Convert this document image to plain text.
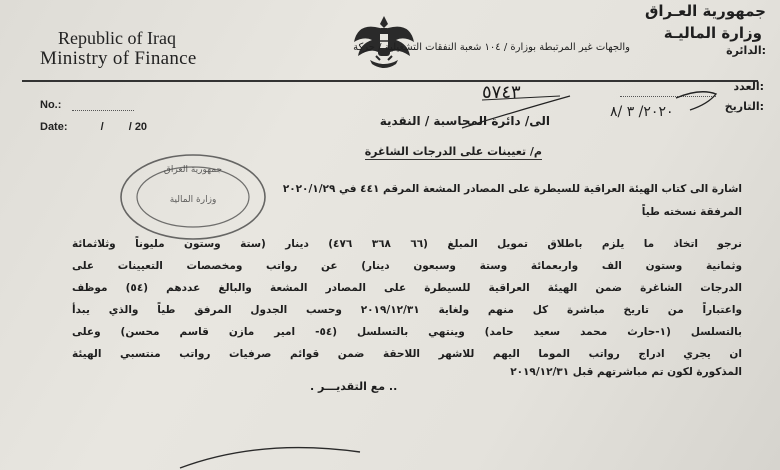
Republic of Iraq
Ministry of Finance
No.:
Date:	/ / 20
جمهورية العـراق
وزارة الماليـة
والجهات غير المرتبطة بوزارة / ١٠٤ شعبة النفقات التشغيلية / حركة	:الدائرة
:العدد
:التاريخ
٥٧٤٣
٢٠٢٠/ ٣ /٨
الى/ دائرة المحاسبة / النقدية
م/ تعيينات على الدرجات الشاغرة
اشارة الى كتاب الهيئة العراقية للسيطرة على المصادر المشعة المرقم ٤٤١ في ٢٠٢٠/١/٢٩
المرفقة نسخته طياً
نرجو اتخاذ ما يلزم باطلاق تمويل المبلغ (٦٦ ٣٦٨ ٤٧٦) دينار (ستة وستون مليوناً وثلاثمائة
وثمانية وستون الف واربعمائة وستة وسبعون دينار) عن رواتب ومخصصات التعيينات على
الدرجات الشاغرة ضمن الهيئة العراقية للسيطرة على المصادر المشعة والبالغ عددهم (٥٤) موظف
واعتباراً من تاريخ مباشرة كل منهم ولغاية ٢٠١٩/١٢/٣١ وحسب الجدول المرفق طياً والذي يبدأ
بالتسلسل (١-حارث محمد سعيد حامد) وينتهي بالتسلسل (٥٤- امير مازن قاسم محسن) وعلى
ان يجري ادراج رواتب الموما اليهم للاشهر اللاحقة ضمن قوائم صرفيات رواتب منتسبي الهيئة
المذكورة لكون تم مباشرتهم قبل ٢٠١٩/١٢/٣١
.. مع التقديـــر .
جمهورية العراق
وزارة المالية
